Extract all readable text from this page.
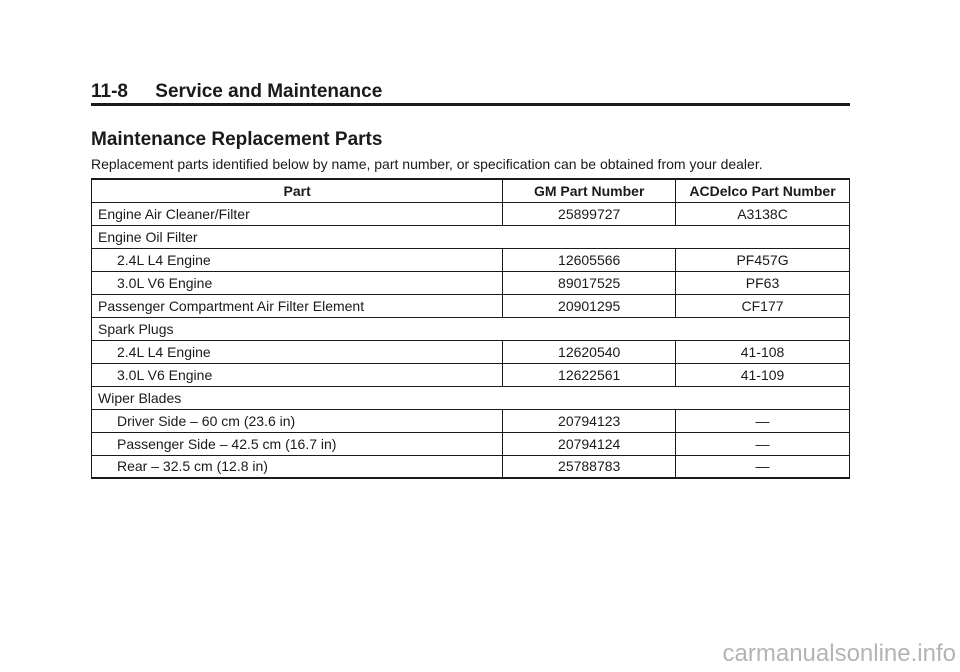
11-8 Service and Maintenance
Maintenance Replacement Parts

Replacement parts identified below by name, part number, or specification can be obtained from your dealer.

Part	GM Part Number	ACDelco Part Number
Engine Air Cleaner/Filter	25899727	A3138C
Engine Oil Filter		
2.4L L4 Engine	12605566	PF457G
3.0L V6 Engine	89017525	PF63
Passenger Compartment Air Filter Element	20901295	CF177
Spark Plugs		
2.4L L4 Engine	12620540	41-108
3.0L V6 Engine	12622561	41-109
Wiper Blades		
Driver Side – 60 cm (23.6 in)	20794123	—
Passenger Side – 42.5 cm (16.7 in)	20794124	—
Rear – 32.5 cm (12.8 in)	25788783	—
carmanualsonline.info
